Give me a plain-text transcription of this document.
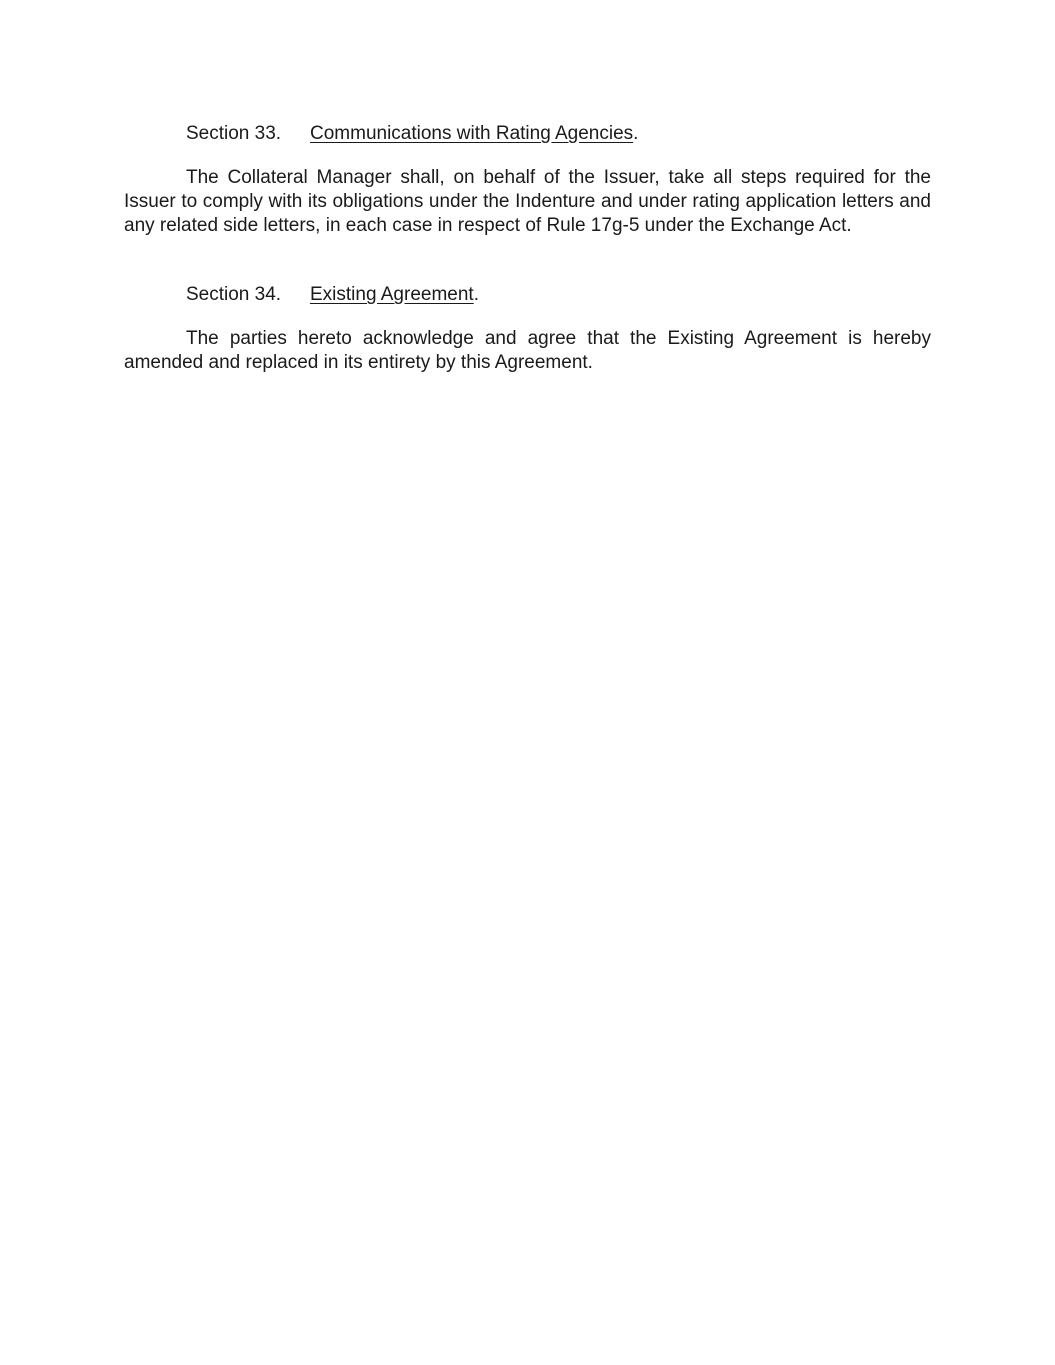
Section 33. Communications with Rating Agencies.

The Collateral Manager shall, on behalf of the Issuer, take all steps required for the Issuer to comply with its obligations under the Indenture and under rating application letters and any related side letters, in each case in respect of Rule 17g-5 under the Exchange Act.

Section 34. Existing Agreement.

The parties hereto acknowledge and agree that the Existing Agreement is hereby amended and replaced in its entirety by this Agreement.
